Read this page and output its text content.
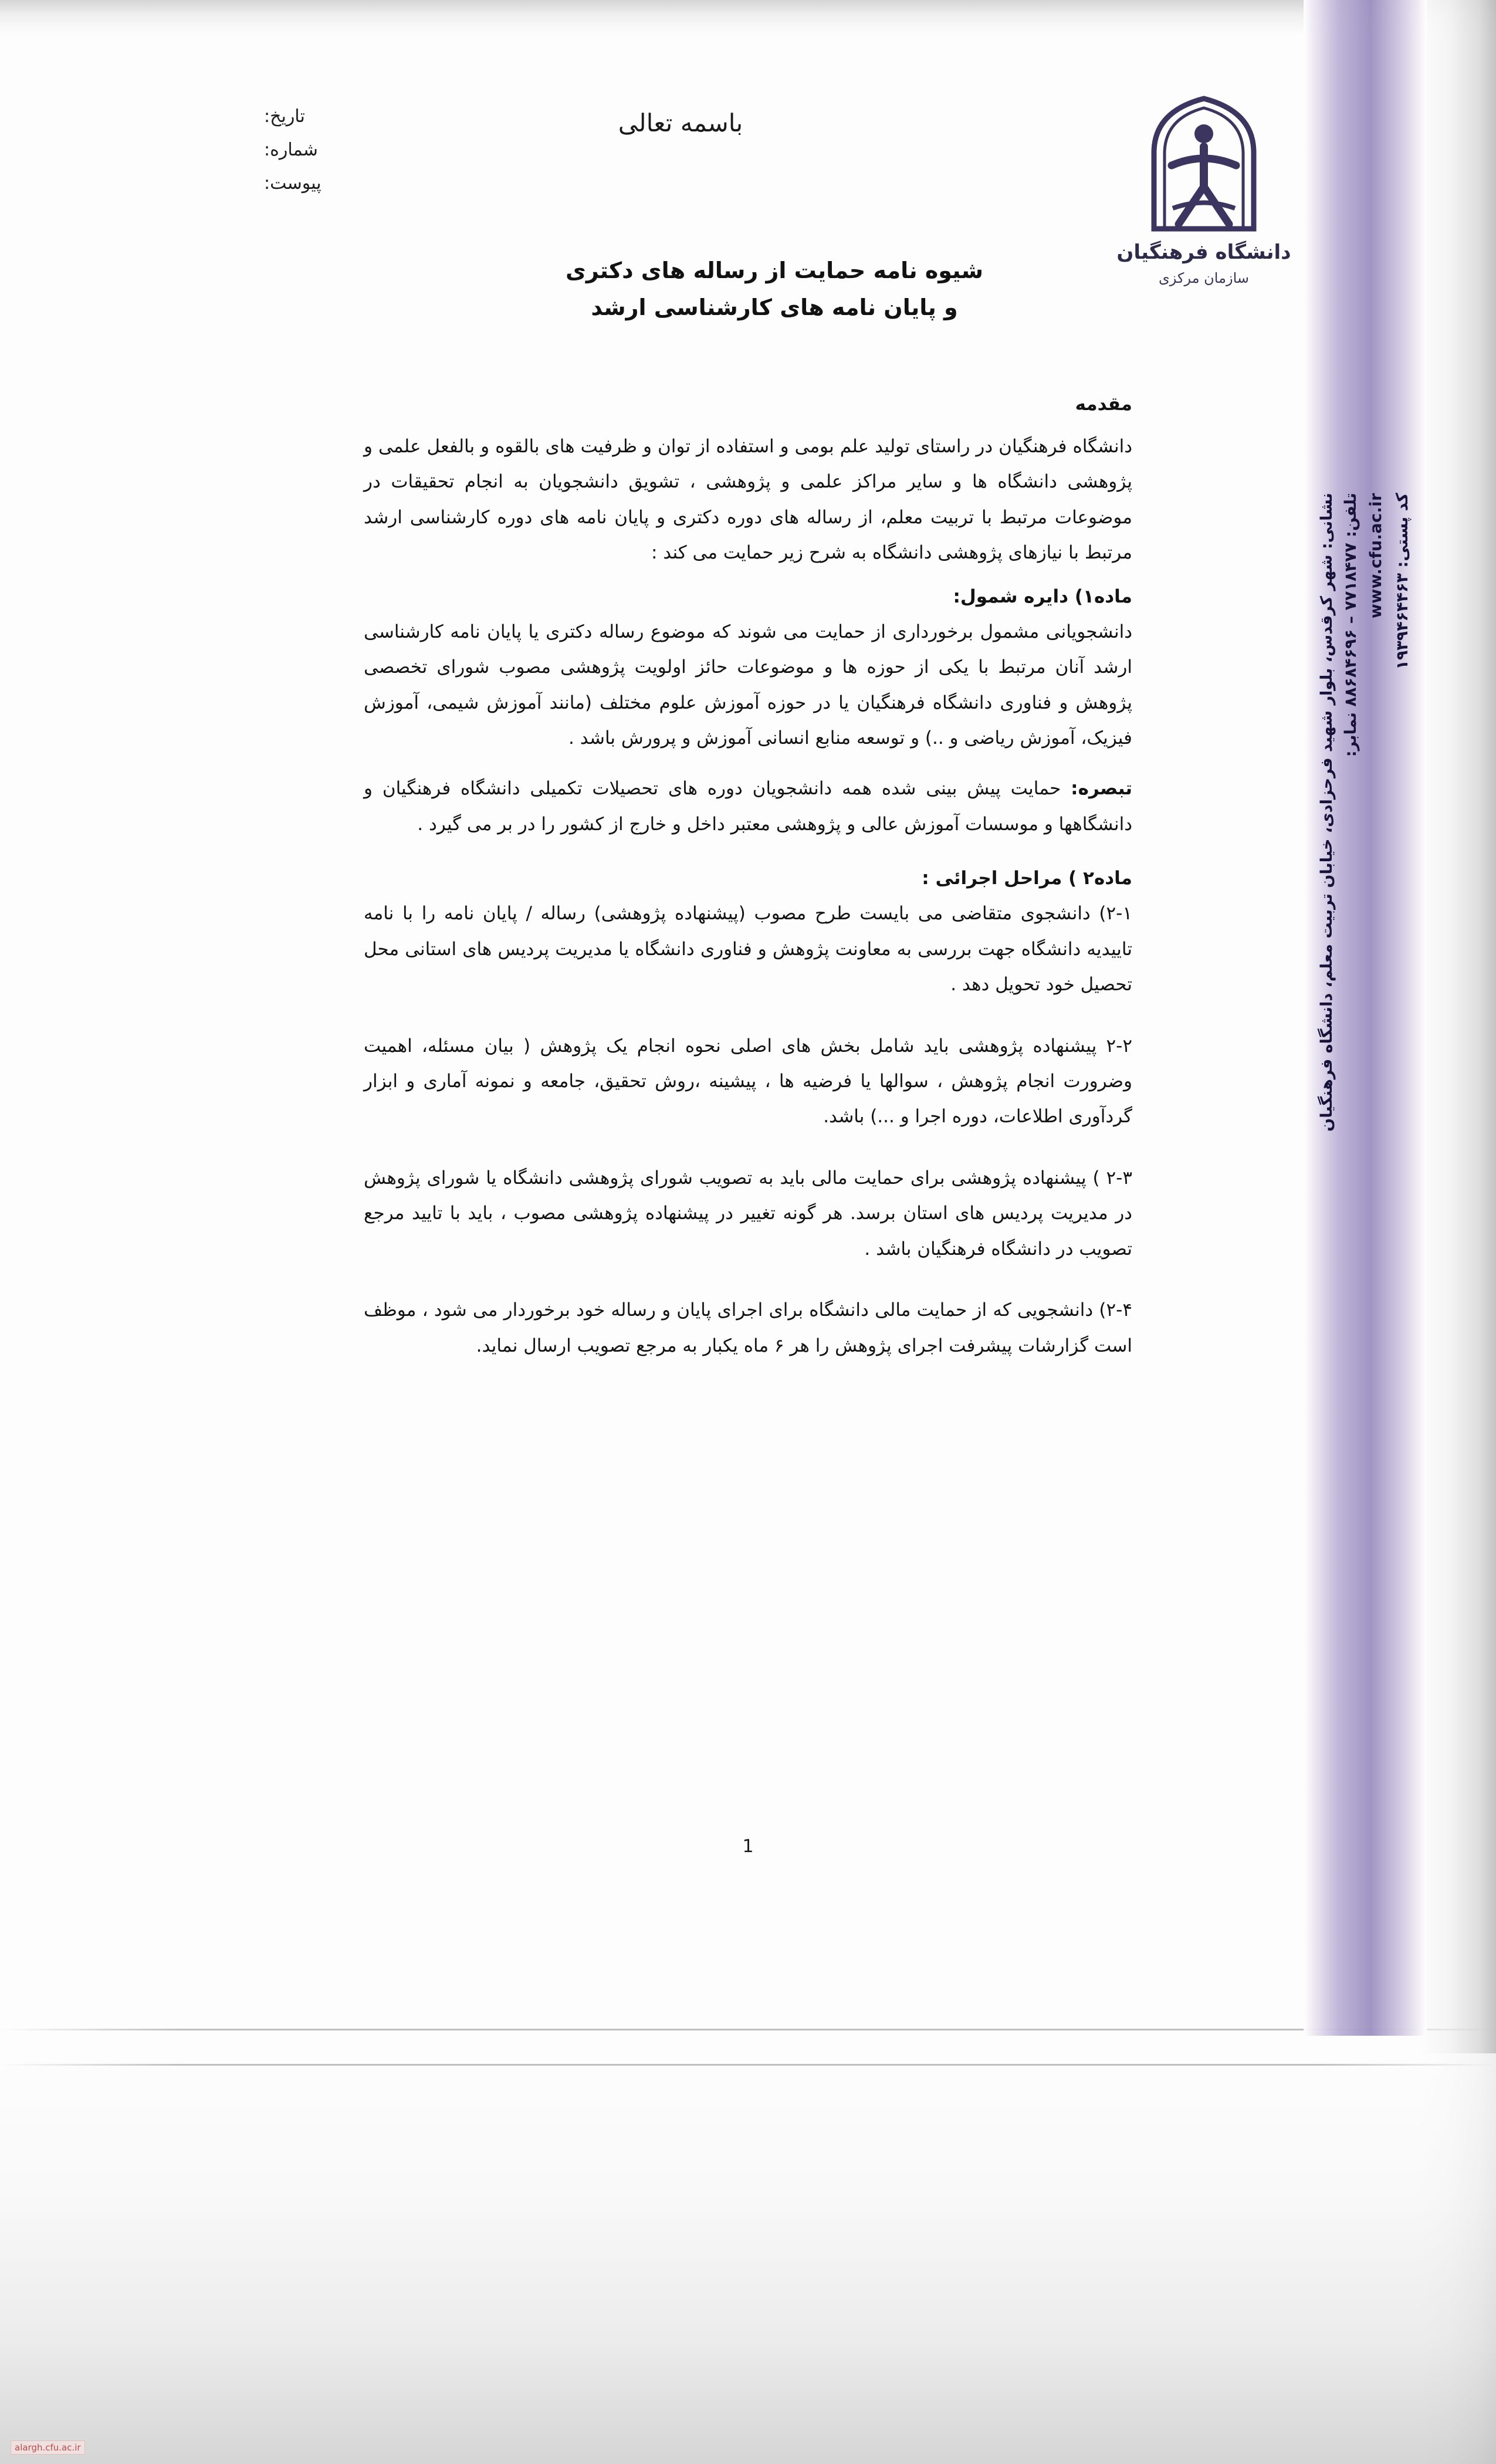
نشانی: شهر کرقدس، بلوار شهید فرحزادی، خیابان تربیت معلم، دانشگاه فرهنگیان تلفن: ۷۷۱۸۴۷۷ – ۸۸۶۸۴۶۹۶ نمابر: www.cfu.ac.ir
کد پستی: ۱۹۳۹۴۶۴۴۶۳
دانشگاه فرهنگیان
سازمان مرکزی
تاریخ:
شماره:
پیوست:
باسمه تعالی
شیوه نامه حمایت از رساله های دکتری
و پایان نامه های کارشناسی ارشد
مقدمه

دانشگاه فرهنگیان در راستای تولید علم بومی و استفاده از توان و ظرفیت های بالقوه و بالفعل علمی و پژوهشی دانشگاه ها و سایر مراکز علمی و پژوهشی ، تشویق دانشجویان به انجام تحقیقات در موضوعات مرتبط با تربیت معلم، از رساله های دوره دکتری و پایان نامه های دوره کارشناسی ارشد مرتبط با نیازهای پژوهشی دانشگاه به شرح زیر حمایت می کند :

ماده۱) دایره شمول:

دانشجویانی مشمول برخورداری از حمایت می شوند که موضوع رساله دکتری یا پایان نامه کارشناسی ارشد آنان مرتبط با یکی از حوزه ها و موضوعات حائز اولویت پژوهشی مصوب شورای تخصصی پژوهش و فناوری دانشگاه فرهنگیان یا در حوزه آموزش علوم مختلف (مانند آموزش شیمی، آموزش فیزیک، آموزش ریاضی و ..) و توسعه منابع انسانی آموزش و پرورش باشد .

تبصره: حمایت پیش بینی شده همه دانشجویان دوره های تحصیلات تکمیلی دانشگاه فرهنگیان و دانشگاهها و موسسات آموزش عالی و پژوهشی معتبر داخل و خارج از کشور را در بر می گیرد .

ماده۲ ) مراحل اجرائی :

۲-۱) دانشجوی متقاضی می بایست طرح مصوب (پیشنهاده پژوهشی) رساله / پایان نامه را با نامه تاییدیه دانشگاه جهت بررسی به معاونت پژوهش و فناوری دانشگاه یا مدیریت پردیس های استانی محل تحصیل خود تحویل دهد .

۲-۲ پیشنهاده پژوهشی باید شامل بخش های اصلی نحوه انجام یک پژوهش ( بیان مسئله، اهمیت وضرورت انجام پژوهش ، سوالها یا فرضیه ها ، پیشینه ،روش تحقیق، جامعه و نمونه آماری و ابزار گردآوری اطلاعات، دوره اجرا و ...) باشد.

۲-۳ ) پیشنهاده پژوهشی برای حمایت مالی باید به تصویب شورای پژوهشی دانشگاه یا شورای پژوهش در مدیریت پردیس های استان برسد. هر گونه تغییر در پیشنهاده پژوهشی مصوب ، باید با تایید مرجع تصویب در دانشگاه فرهنگیان باشد .

۲-۴) دانشجویی که از حمایت مالی دانشگاه برای اجرای پایان و رساله خود برخوردار می شود ، موظف است گزارشات پیشرفت اجرای پژوهش را هر ۶ ماه یکبار به مرجع تصویب ارسال نماید.

1
alargh.cfu.ac.ir
